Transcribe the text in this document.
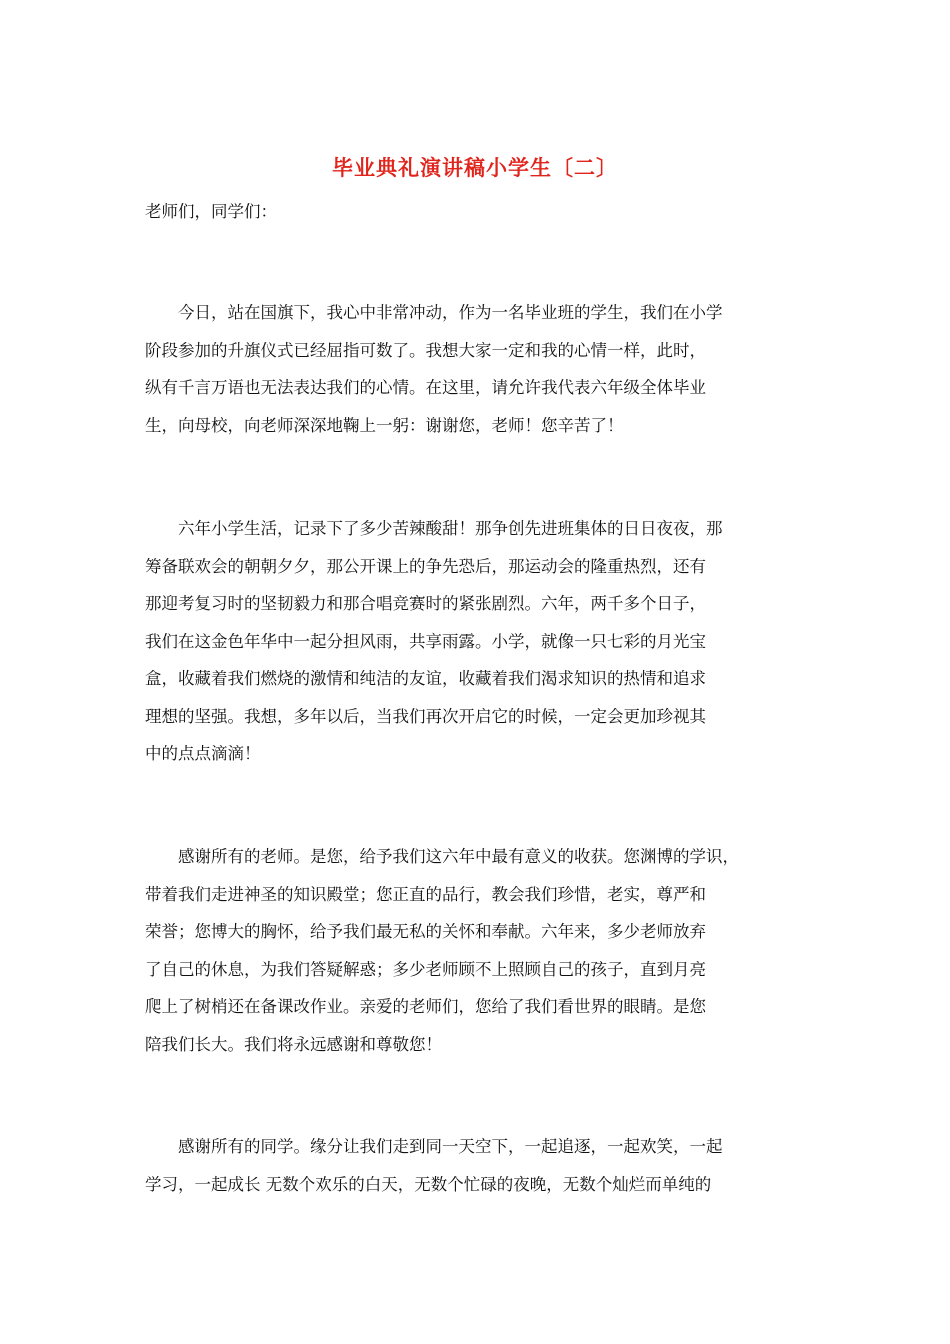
毕业典礼演讲稿小学生〔二〕
老师们，同学们：
　　今日，站在国旗下，我心中非常冲动，作为一名毕业班的学生，我们在小学
阶段参加的升旗仪式已经屈指可数了。我想大家一定和我的心情一样，此时，
纵有千言万语也无法表达我们的心情。在这里，请允许我代表六年级全体毕业
生，向母校，向老师深深地鞠上一躬：谢谢您，老师！您辛苦了！
　　六年小学生活，记录下了多少苦辣酸甜！那争创先进班集体的日日夜夜，那
筹备联欢会的朝朝夕夕，那公开课上的争先恐后，那运动会的隆重热烈，还有
那迎考复习时的坚韧毅力和那合唱竞赛时的紧张剧烈。六年，两千多个日子，
我们在这金色年华中一起分担风雨，共享雨露。小学，就像一只七彩的月光宝
盒，收藏着我们燃烧的激情和纯洁的友谊，收藏着我们渴求知识的热情和追求
理想的坚强。我想，多年以后，当我们再次开启它的时候，一定会更加珍视其
中的点点滴滴！
　　感谢所有的老师。是您，给予我们这六年中最有意义的收获。您渊博的学识，
带着我们走进神圣的知识殿堂；您正直的品行，教会我们珍惜，老实，尊严和
荣誉；您博大的胸怀，给予我们最无私的关怀和奉献。六年来，多少老师放弃
了自己的休息，为我们答疑解惑；多少老师顾不上照顾自己的孩子，直到月亮
爬上了树梢还在备课改作业。亲爱的老师们，您给了我们看世界的眼睛。是您
陪我们长大。我们将永远感谢和尊敬您！
　　感谢所有的同学。缘分让我们走到同一天空下，一起追逐，一起欢笑，一起
学习，一起成长 无数个欢乐的白天，无数个忙碌的夜晚，无数个灿烂而单纯的
